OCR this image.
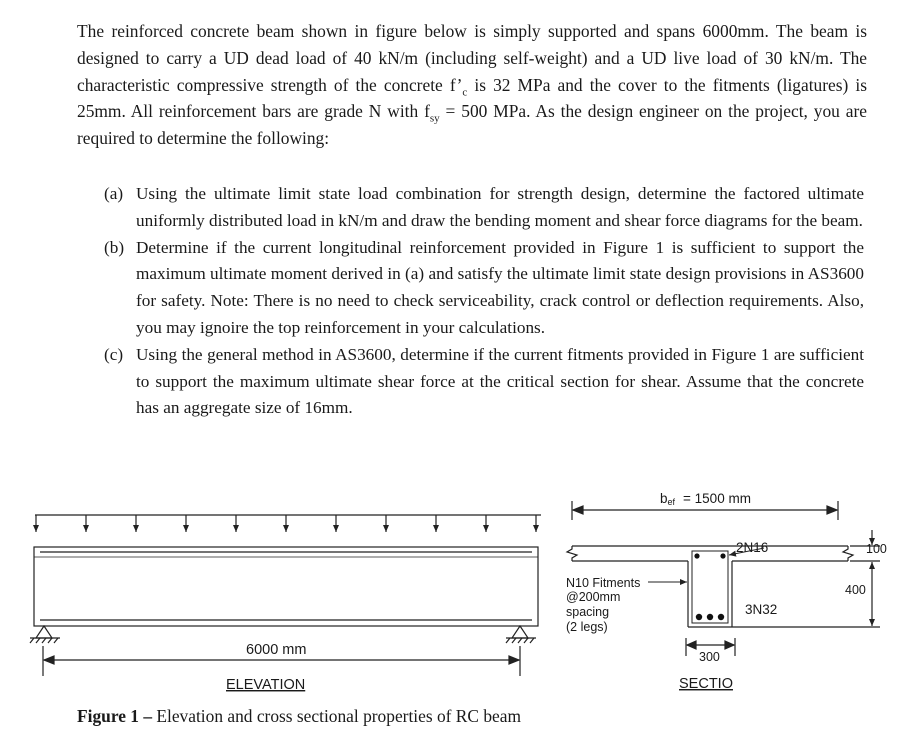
The reinforced concrete beam shown in figure below is simply supported and spans 6000mm. The beam is designed to carry a UD dead load of 40 kN/m (including self-weight) and a UD live load of 30 kN/m. The characteristic compressive strength of the concrete $f’_c$ is 32 MPa and the cover to the fitments (ligatures) is 25mm. All reinforcement bars are grade N with $f_{sy} = 500$ MPa. As the design engineer on the project, you are required to determine the following:

(a) Using the ultimate limit state load combination for strength design, determine the factored ultimate uniformly distributed load in kN/m and draw the bending moment and shear force diagrams for the beam.
(b) Determine if the current longitudinal reinforcement provided in Figure 1 is sufficient to support the maximum ultimate moment derived in (a) and satisfy the ultimate limit state design provisions in AS3600 for safety. Note: There is no need to check serviceability, crack control or deflection requirements. Also, you may ignoire the top reinforcement in your calculations.
(c) Using the general method in AS3600, determine if the current fitments provided in Figure 1 are sufficient to support the maximum ultimate shear force at the critical section for shear. Assume that the concrete has an aggregate size of 16mm.
6000 mm
ELEVATION
N10 Fitments
@200mm
spacing
(2 legs)
bef = 1500 mm
2N16
3N32
100
400
300
SECTIO

Figure 1 – Elevation and cross sectional properties of RC beam
